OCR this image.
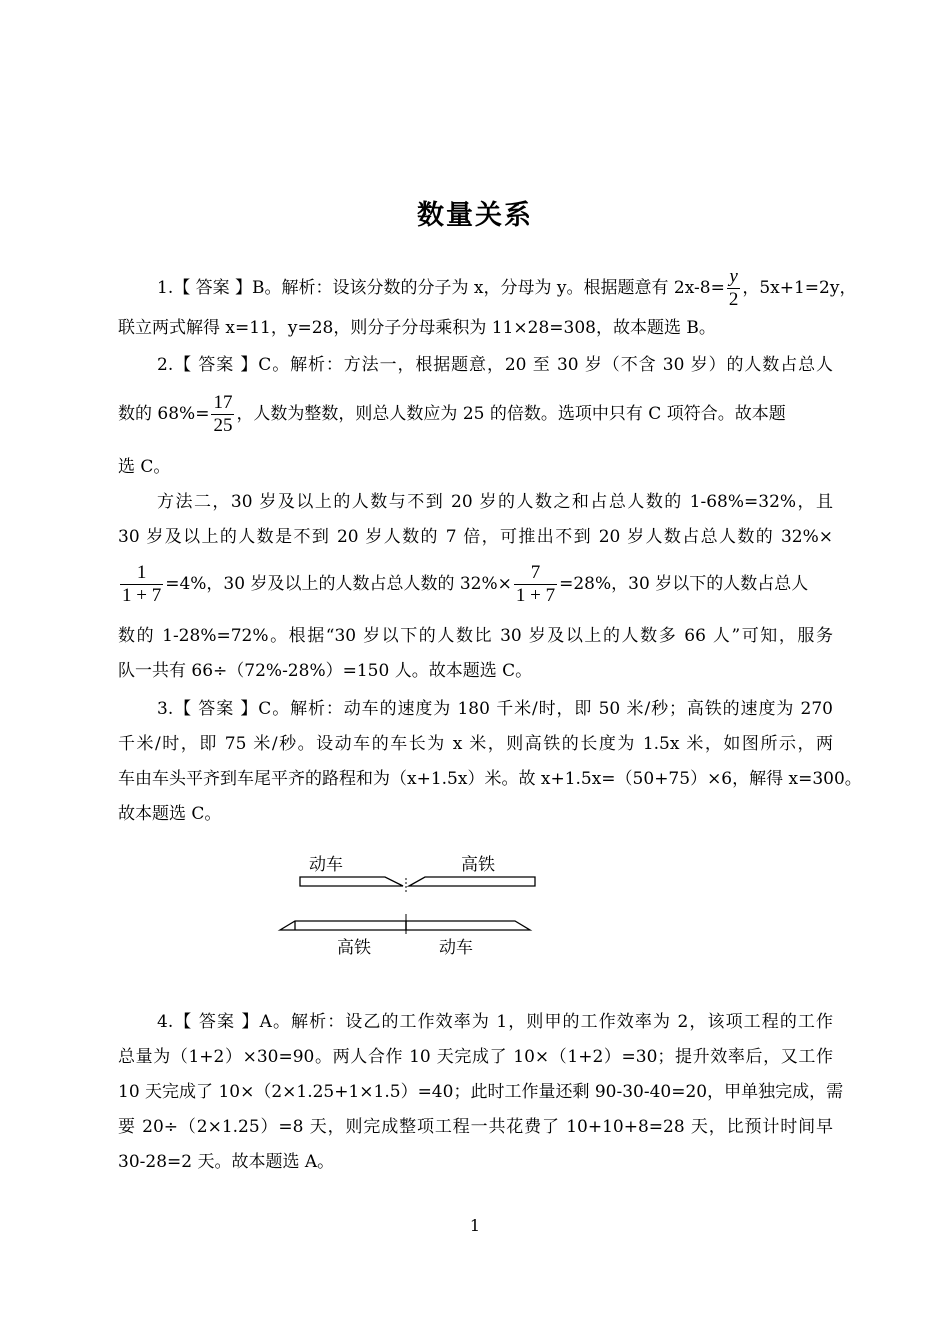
数量关系
1.【 答案 】B。解析：设该分数的分子为 x，分母为 y。根据题意有 $2x-8= \frac{y}{2}$ ，5x+1=2y，
联立两式解得 x=11，y=28，则分子分母乘积为 11×28=308，故本题选 B。
2.【 答案 】C。解析：方法一，根据题意，20 至 30 岁（不含 30 岁）的人数占总人
数的 $68\%= \frac{17}{25}$ ，人数为整数，则总人数应为 25 的倍数。选项中只有 C 项符合。故本题
选 C。
方法二，30 岁及以上的人数与不到 20 岁的人数之和占总人数的 1-68%=32%，且
30 岁及以上的人数是不到 20 岁人数的 7 倍，可推出不到 20 岁人数占总人数的 32%×
$\frac{1}{1 + 7} =4\%$，30 岁及以上的人数占总人数的 $32\%\times \frac{7}{1 + 7} =28\%$，30 岁以下的人数占总人
数的 1-28%=72%。根据“30 岁以下的人数比 30 岁及以上的人数多 66 人”可知，服务
队一共有 66÷（72%-28%）=150 人。故本题选 C。
3.【 答案 】C。解析：动车的速度为 180 千米/时，即 50 米/秒；高铁的速度为 270
千米/时，即 75 米/秒。设动车的车长为 x 米，则高铁的长度为 1.5x 米，如图所示，两
车由车头平齐到车尾平齐的路程和为（x+1.5x）米。故 x+1.5x=（50+75）×6，解得 x=300。
故本题选 C。
动车	高铁
高铁	动车
4.【 答案 】A。解析：设乙的工作效率为 1，则甲的工作效率为 2，该项工程的工作
总量为（1+2）×30=90。两人合作 10 天完成了 10×（1+2）=30；提升效率后，又工作
10 天完成了 10×（2×1.25+1×1.5）=40；此时工作量还剩 90-30-40=20，甲单独完成，需
要 20÷（2×1.25）=8 天，则完成整项工程一共花费了 10+10+8=28 天，比预计时间早
30-28=2 天。故本题选 A。
1
